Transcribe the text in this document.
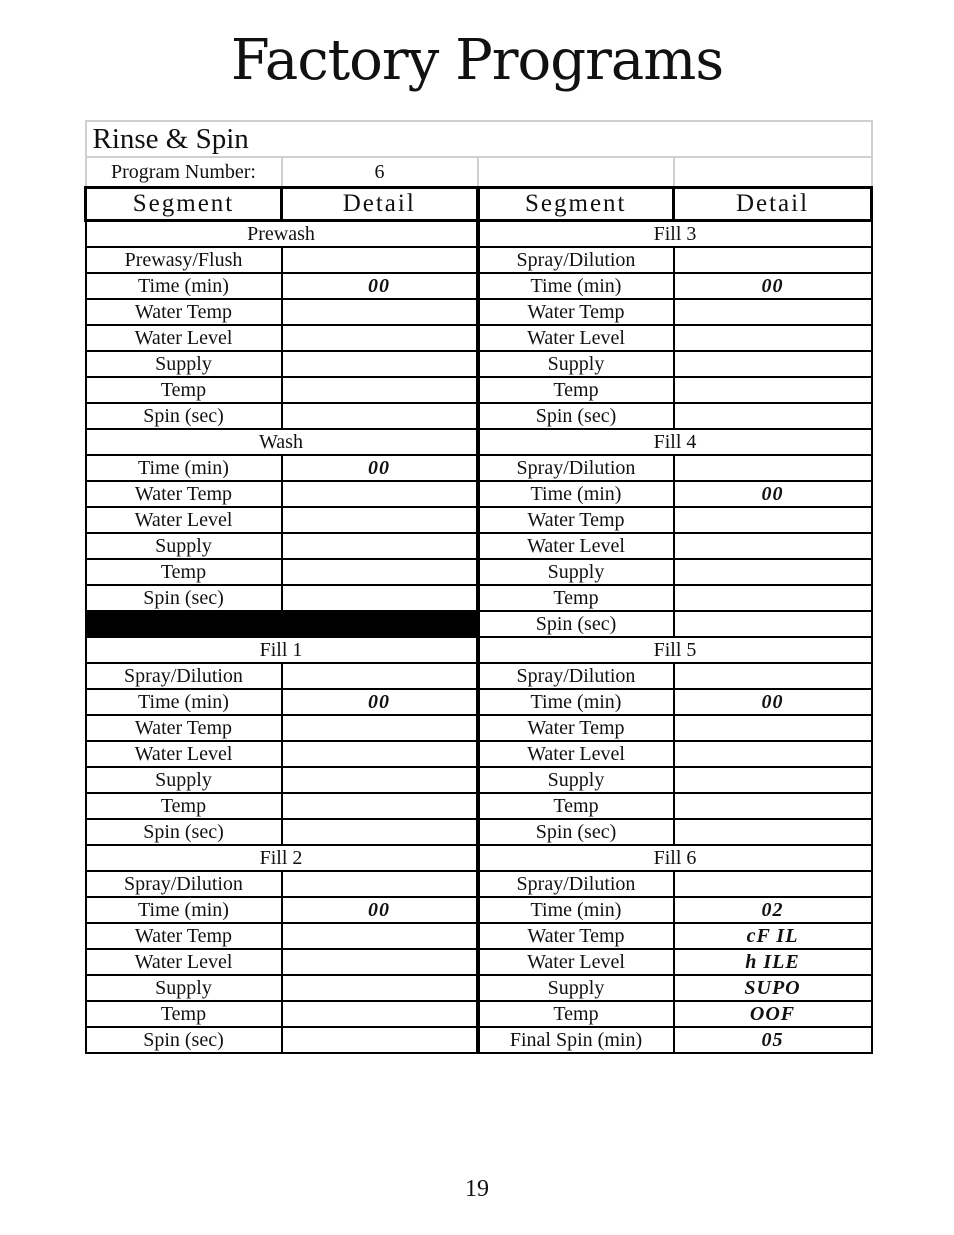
Factory Programs
Rinse & Spin			
Program Number:	6		
Segment	Detail	Segment	Detail
Prewash		Fill 3	
Prewasy/Flush		Spray/Dilution	
Time (min)	00	Time (min)	00
Water Temp		Water Temp	
Water Level		Water Level	
Supply		Supply	
Temp		Temp	
Spin (sec)		Spin (sec)	
Wash		Fill 4	
Time (min)	00	Spray/Dilution	
Water Temp		Time (min)	00
Water Level		Water Temp	
Supply		Water Level	
Temp		Supply	
Spin (sec)		Temp	
		Spin (sec)	
Fill 1		Fill 5	
Spray/Dilution		Spray/Dilution	
Time (min)	00	Time (min)	00
Water Temp		Water Temp	
Water Level		Water Level	
Supply		Supply	
Temp		Temp	
Spin (sec)		Spin (sec)	
Fill 2		Fill 6	
Spray/Dilution		Spray/Dilution	
Time (min)	00	Time (min)	02
Water Temp		Water Temp	cF IL
Water Level		Water Level	h ILE
Supply		Supply	SUPO
Temp		Temp	OOF
Spin (sec)		Final Spin (min)	05
19
